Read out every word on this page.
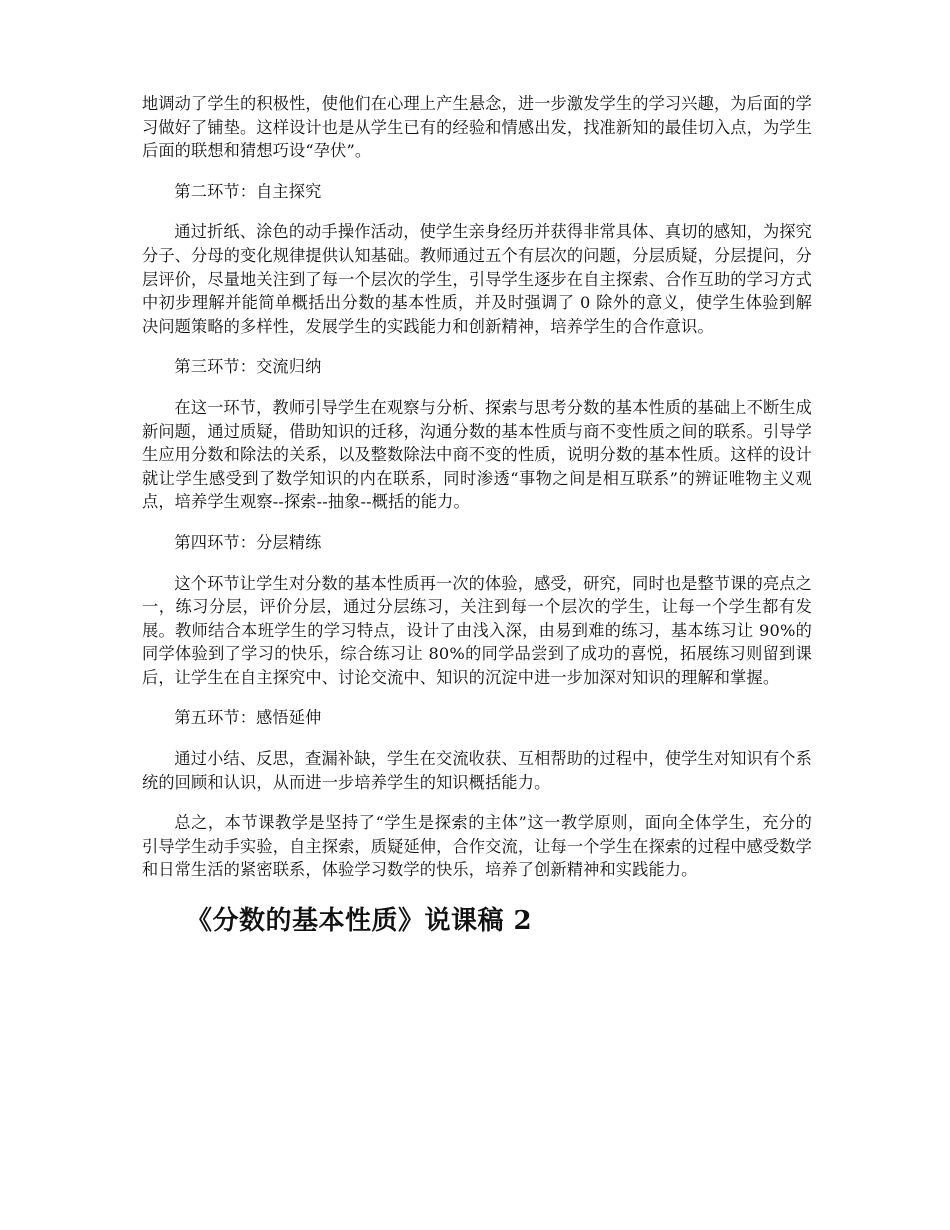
地调动了学生的积极性，使他们在心理上产生悬念，进一步激发学生的学习兴趣，为后面的学习做好了铺垫。这样设计也是从学生已有的经验和情感出发，找准新知的最佳切入点，为学生后面的联想和猜想巧设“孕伏”。

第二环节：自主探究

通过折纸、涂色的动手操作活动，使学生亲身经历并获得非常具体、真切的感知，为探究分子、分母的变化规律提供认知基础。教师通过五个有层次的问题，分层质疑，分层提问，分层评价，尽量地关注到了每一个层次的学生，引导学生逐步在自主探索、合作互助的学习方式中初步理解并能简单概括出分数的基本性质，并及时强调了 0 除外的意义，使学生体验到解决问题策略的多样性，发展学生的实践能力和创新精神，培养学生的合作意识。

第三环节：交流归纳

在这一环节，教师引导学生在观察与分析、探索与思考分数的基本性质的基础上不断生成新问题，通过质疑，借助知识的迁移，沟通分数的基本性质与商不变性质之间的联系。引导学生应用分数和除法的关系，以及整数除法中商不变的性质，说明分数的基本性质。这样的设计就让学生感受到了数学知识的内在联系，同时渗透“事物之间是相互联系”的辨证唯物主义观点，培养学生观察--探索--抽象--概括的能力。

第四环节：分层精练

这个环节让学生对分数的基本性质再一次的体验，感受，研究，同时也是整节课的亮点之一，练习分层，评价分层，通过分层练习，关注到每一个层次的学生，让每一个学生都有发展。教师结合本班学生的学习特点，设计了由浅入深，由易到难的练习，基本练习让 90%的同学体验到了学习的快乐，综合练习让 80%的同学品尝到了成功的喜悦，拓展练习则留到课后，让学生在自主探究中、讨论交流中、知识的沉淀中进一步加深对知识的理解和掌握。

第五环节：感悟延伸

通过小结、反思，查漏补缺，学生在交流收获、互相帮助的过程中，使学生对知识有个系统的回顾和认识，从而进一步培养学生的知识概括能力。

总之，本节课教学是坚持了“学生是探索的主体”这一教学原则，面向全体学生，充分的引导学生动手实验，自主探索，质疑延伸，合作交流，让每一个学生在探索的过程中感受数学和日常生活的紧密联系，体验学习数学的快乐，培养了创新精神和实践能力。

《分数的基本性质》说课稿 2
